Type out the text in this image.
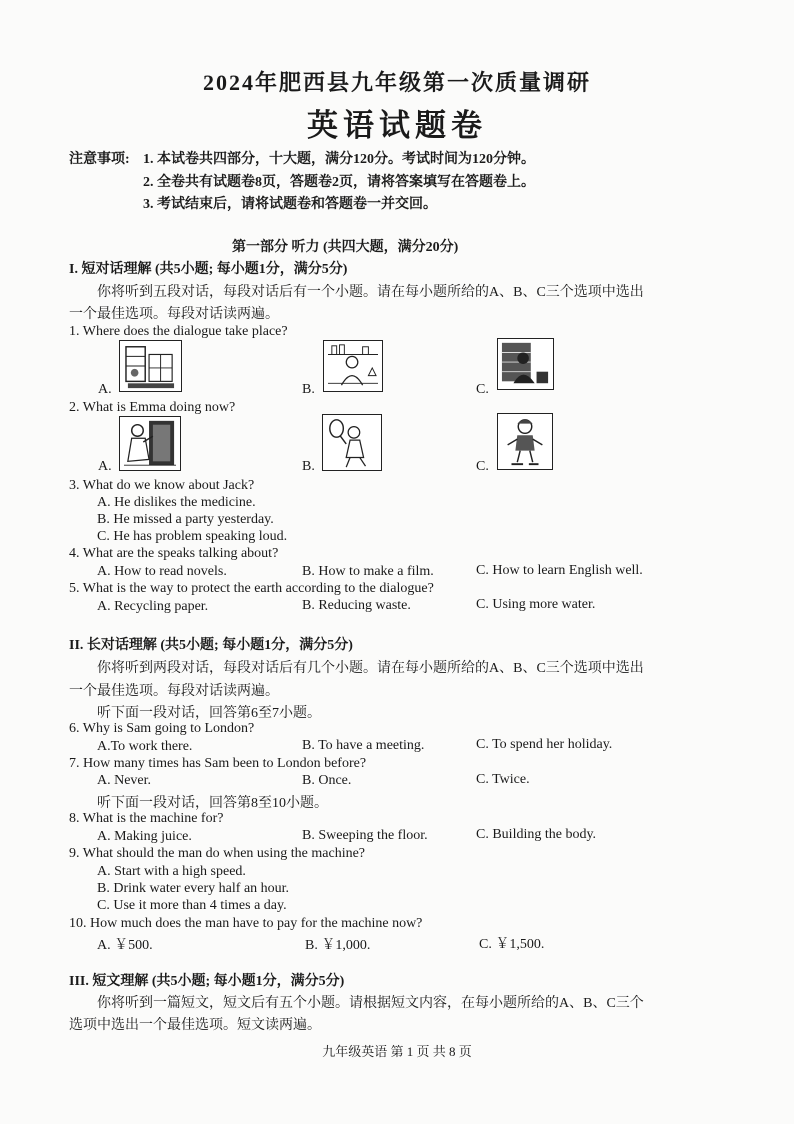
2024年肥西县九年级第一次质量调研
英语试题卷
注意事项: 1. 本试卷共四部分，十大题，满分120分。考试时间为120分钟。
2. 全卷共有试题卷8页，答题卷2页，请将答案填写在答题卷上。
3. 考试结束后，请将试题卷和答题卷一并交回。
第一部分 听力 (共四大题，满分20分)
I. 短对话理解 (共5小题; 每小题1分，满分5分)
你将听到五段对话，每段对话后有一个小题。请在每小题所给的A、B、C三个选项中选出
一个最佳选项。每段对话读两遍。
1. Where does the dialogue take place?
A.	B.	C.
2. What is Emma doing now?
A.	B.	C.
3. What do we know about Jack?
A. He dislikes the medicine.
B. He missed a party yesterday.
C. He has problem speaking loud.
4. What are the speaks talking about?
A. How to read novels.	B. How to make a film.	C. How to learn English well.
5. What is the way to protect the earth according to the dialogue?
A. Recycling paper.	B. Reducing waste.	C. Using more water.
II. 长对话理解 (共5小题; 每小题1分，满分5分)
你将听到两段对话，每段对话后有几个小题。请在每小题所给的A、B、C三个选项中选出
一个最佳选项。每段对话读两遍。
听下面一段对话，回答第6至7小题。
6. Why is Sam going to London?
A.To work there.	B. To have a meeting.	C. To spend her holiday.
7. How many times has Sam been to London before?
A. Never.	B. Once.	C. Twice.
听下面一段对话，回答第8至10小题。
8. What is the machine for?
A. Making juice.	B. Sweeping the floor.	C. Building the body.
9. What should the man do when using the machine?
A. Start with a high speed.
B. Drink water every half an hour.
C. Use it more than 4 times a day.
10. How much does the man have to pay for the machine now?
A. ￥500.	B. ￥1,000.	C. ￥1,500.
III. 短文理解 (共5小题; 每小题1分，满分5分)
你将听到一篇短文，短文后有五个小题。请根据短文内容，在每小题所给的A、B、C三个
选项中选出一个最佳选项。短文读两遍。
九年级英语 第 1 页 共 8 页
